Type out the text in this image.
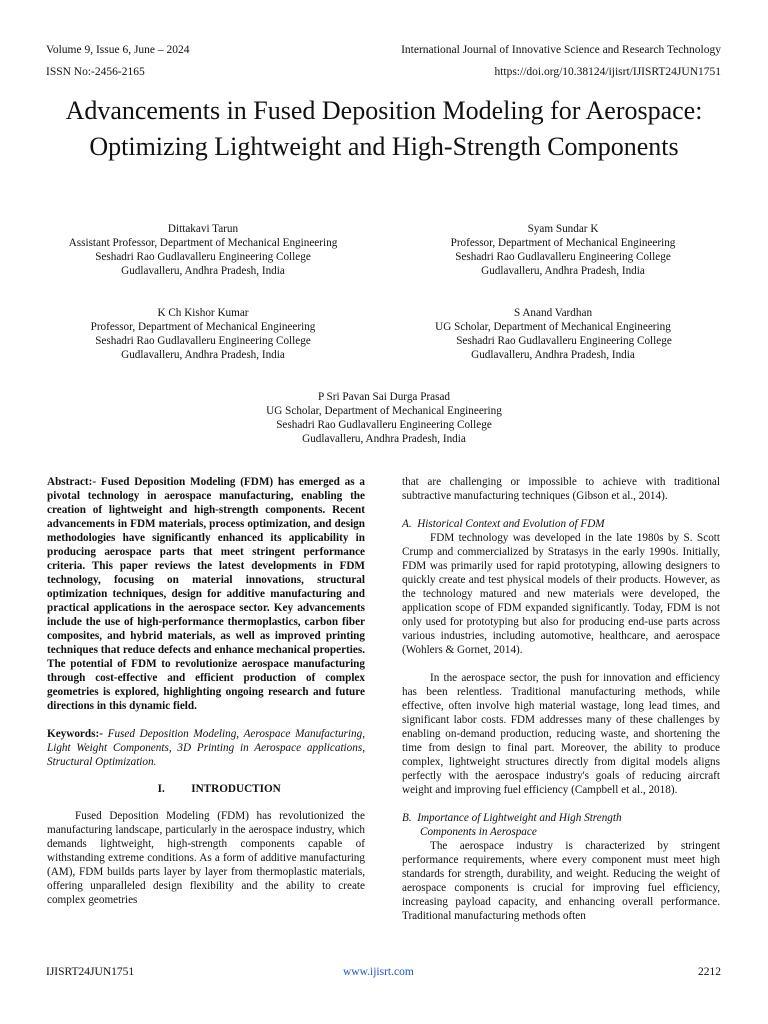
Volume 9, Issue 6, June – 2024	International Journal of Innovative Science and Research Technology
ISSN No:-2456-2165	https://doi.org/10.38124/ijisrt/IJISRT24JUN1751
Advancements in Fused Deposition Modeling for Aerospace: Optimizing Lightweight and High-Strength Components
Dittakavi Tarun
Assistant Professor, Department of Mechanical Engineering
Seshadri Rao Gudlavalleru Engineering College
Gudlavalleru, Andhra Pradesh, India
Syam Sundar K
Professor, Department of Mechanical Engineering
Seshadri Rao Gudlavalleru Engineering College
Gudlavalleru, Andhra Pradesh, India
K Ch Kishor Kumar
Professor, Department of Mechanical Engineering
Seshadri Rao Gudlavalleru Engineering College
Gudlavalleru, Andhra Pradesh, India
S Anand Vardhan
UG Scholar, Department of Mechanical Engineering
Seshadri Rao Gudlavalleru Engineering College
Gudlavalleru, Andhra Pradesh, India
P Sri Pavan Sai Durga Prasad
UG Scholar, Department of Mechanical Engineering
Seshadri Rao Gudlavalleru Engineering College
Gudlavalleru, Andhra Pradesh, India

Abstract:- Fused Deposition Modeling (FDM) has emerged as a pivotal technology in aerospace manufacturing, enabling the creation of lightweight and high-strength components. Recent advancements in FDM materials, process optimization, and design methodologies have significantly enhanced its applicability in producing aerospace parts that meet stringent performance criteria. This paper reviews the latest developments in FDM technology, focusing on material innovations, structural optimization techniques, design for additive manufacturing and practical applications in the aerospace sector. Key advancements include the use of high-performance thermoplastics, carbon fiber composites, and hybrid materials, as well as improved printing techniques that reduce defects and enhance mechanical properties. The potential of FDM to revolutionize aerospace manufacturing through cost-effective and efficient production of complex geometries is explored, highlighting ongoing research and future directions in this dynamic field.

Keywords:- Fused Deposition Modeling, Aerospace Manufacturing, Light Weight Components, 3D Printing in Aerospace applications, Structural Optimization.

I. INTRODUCTION

Fused Deposition Modeling (FDM) has revolutionized the manufacturing landscape, particularly in the aerospace industry, which demands lightweight, high-strength components capable of withstanding extreme conditions. As a form of additive manufacturing (AM), FDM builds parts layer by layer from thermoplastic materials, offering unparalleled design flexibility and the ability to create complex geometries

that are challenging or impossible to achieve with traditional subtractive manufacturing techniques (Gibson et al., 2014).

A.  Historical Context and Evolution of FDM

FDM technology was developed in the late 1980s by S. Scott Crump and commercialized by Stratasys in the early 1990s. Initially, FDM was primarily used for rapid prototyping, allowing designers to quickly create and test physical models of their products. However, as the technology matured and new materials were developed, the application scope of FDM expanded significantly. Today, FDM is not only used for prototyping but also for producing end-use parts across various industries, including automotive, healthcare, and aerospace (Wohlers & Gornet, 2014).

In the aerospace sector, the push for innovation and efficiency has been relentless. Traditional manufacturing methods, while effective, often involve high material wastage, long lead times, and significant labor costs. FDM addresses many of these challenges by enabling on-demand production, reducing waste, and shortening the time from design to final part. Moreover, the ability to produce complex, lightweight structures directly from digital models aligns perfectly with the aerospace industry's goals of reducing aircraft weight and improving fuel efficiency (Campbell et al., 2018).

B.  Importance of Lightweight and High Strength
Components in Aerospace

The aerospace industry is characterized by stringent performance requirements, where every component must meet high standards for strength, durability, and weight. Reducing the weight of aerospace components is crucial for improving fuel efficiency, increasing payload capacity, and enhancing overall performance. Traditional manufacturing methods often

IJISRT24JUN1751	www.ijisrt.com	2212
